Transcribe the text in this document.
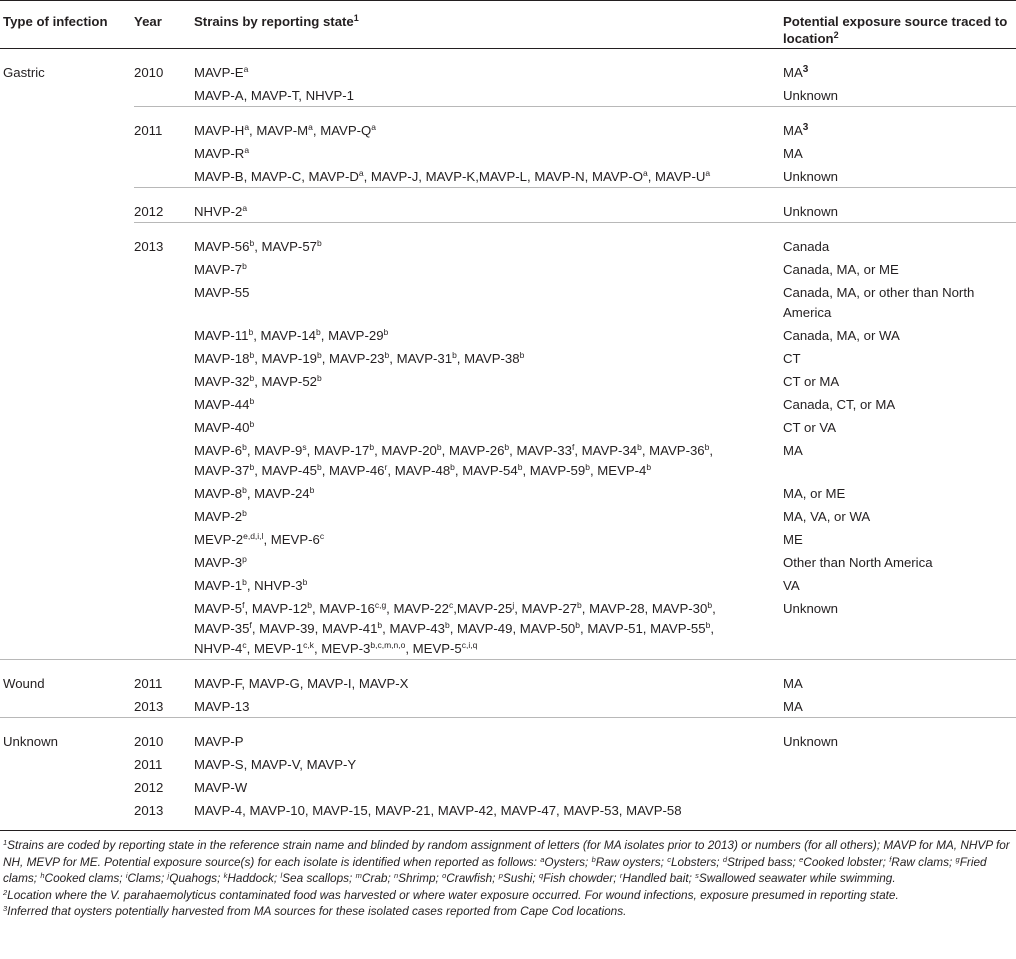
Type of infection	Year	Strains by reporting state$^1$	Potential exposure source traced to location$^2$

Gastric	2010	MAVP-$E^a$	$MA^3$

		MAVP-A, MAVP-T, NHVP-1	Unknown

	2011	MAVP-$H^a$, MAVP-$M^a$, MAVP-$Q^a$	$MA^3$

		MAVP-$R^a$	MA

		MAVP-B, MAVP-C, MAVP-$D^a$, MAVP-J, MAVP-K,MAVP-L, MAVP-N, MAVP-$O^a$, MAVP-$U^a$	Unknown

	2012	NHVP-2$^a$	Unknown

	2013	MAVP-56$^b$, MAVP-57$^b$	Canada

		MAVP-7$^b$	Canada, MA, or ME

		MAVP-55	Canada, MA, or other than North America

		MAVP-11$^b$, MAVP-14$^b$, MAVP-29$^b$	Canada, MA, or WA

		MAVP-18$^b$, MAVP-19$^b$, MAVP-23$^b$, MAVP-31$^b$, MAVP-38$^b$	CT

		MAVP-32$^b$, MAVP-52$^b$	CT or MA

		MAVP-44$^b$	Canada, CT, or MA

		MAVP-40$^b$	CT or VA

		MAVP-6$^b$, MAVP-9$^s$, MAVP-17$^b$, MAVP-20$^b$, MAVP-26$^b$, MAVP-33$^f$, MAVP-34$^b$, MAVP-36$^b$,
MAVP-37$^b$, MAVP-45$^b$, MAVP-46$^r$, MAVP-48$^b$, MAVP-54$^b$, MAVP-59$^b$, MEVP-4$^b$	MA

		MAVP-8$^b$, MAVP-24$^b$	MA, or ME

		MAVP-2$^b$	MA, VA, or WA

		MEVP-2$^{e,d,i,l}$, MEVP-6$^c$	ME

		MAVP-3$^p$	Other than North America

		MAVP-1$^b$, NHVP-3$^b$	VA

		MAVP-5$^f$, MAVP-12$^b$, MAVP-16$^{c,g}$, MAVP-22$^c$,MAVP-25$^j$, MAVP-27$^b$, MAVP-28, MAVP-30$^b$,
MAVP-35$^f$, MAVP-39, MAVP-41$^b$, MAVP-43$^b$, MAVP-49, MAVP-50$^b$, MAVP-51, MAVP-55$^b$,
NHVP-4$^c$, MEVP-1$^{c,k}$, MEVP-3$^{b,c,m,n,o}$, MEVP-5$^{c,i,q}$	Unknown

Wound	2011	MAVP-F, MAVP-G, MAVP-I, MAVP-X	MA

	2013	MAVP-13	MA

Unknown	2010	MAVP-P	Unknown

	2011	MAVP-S, MAVP-V, MAVP-Y	

	2012	MAVP-W	

	2013	MAVP-4, MAVP-10, MAVP-15, MAVP-21, MAVP-42, MAVP-47, MAVP-53, MAVP-58	

$^1$Strains are coded by reporting state in the reference strain name and blinded by random assignment of letters (for MA isolates prior to 2013) or numbers (for all others); MAVP for MA, NHVP for NH, MEVP for ME. Potential exposure source(s) for each isolate is identified when reported as follows: $^a$Oysters; $^b$Raw oysters; $^c$Lobsters; $^d$Striped bass; $^e$Cooked lobster; $^f$Raw clams; $^g$Fried clams; $^h$Cooked clams; $^i$Clams; $^j$Quahogs; $^k$Haddock; $^l$Sea scallops; $^m$Crab; $^n$Shrimp; $^o$Crawfish; $^p$Sushi; $^q$Fish chowder; $^r$Handled bait; $^s$Swallowed seawater while swimming.

$^2$Location where the V. parahaemolyticus contaminated food was harvested or where water exposure occurred. For wound infections, exposure presumed in reporting state.

$^3$Inferred that oysters potentially harvested from MA sources for these isolated cases reported from Cape Cod locations.
